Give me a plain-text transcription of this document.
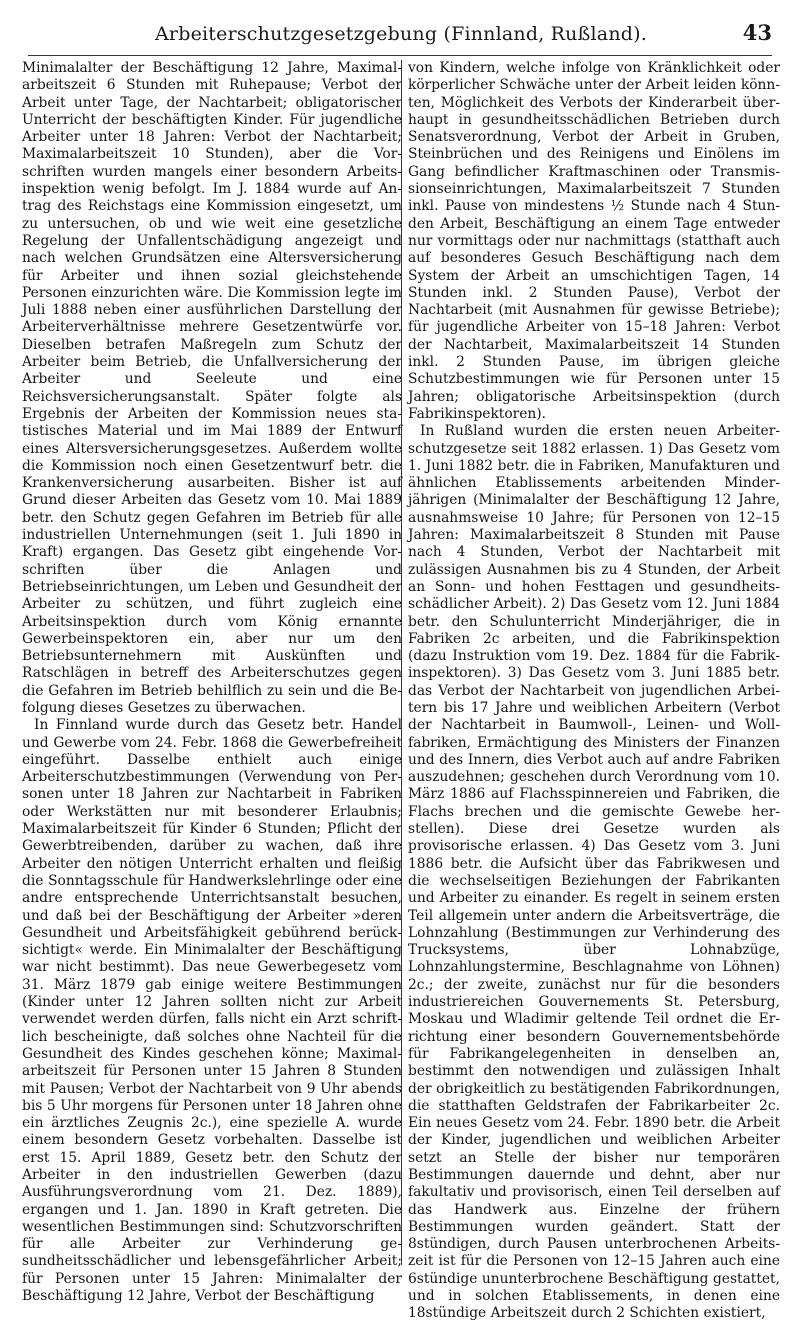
Arbeiterschutzgesetzgebung (Finnland, Rußland).	43

Minimalalter der Beschäftigung 12 Jahre, Maximalarbeitszeit 6 Stunden mit Ruhepause; Verbot der Arbeit unter Tage, der Nachtarbeit; obligatorischer Unterricht der beschäftigten Kinder. Für jugendliche Arbeiter unter 18 Jahren: Verbot der Nachtarbeit; Maximalarbeitszeit 10 Stunden), aber die Vorschriften wurden mangels einer besondern Arbeitsinspektion wenig befolgt. Im J. 1884 wurde auf Antrag des Reichstags eine Kommission eingesetzt, um zu untersuchen, ob und wie weit eine gesetzliche Regelung der Unfallentschädigung angezeigt und nach welchen Grundsätzen eine Altersversicherung für Arbeiter und ihnen sozial gleichstehende Personen einzurichten wäre. Die Kommission legte im Juli 1888 neben einer ausführlichen Darstellung der Arbeiterverhältnisse mehrere Gesetzentwürfe vor. Dieselben betrafen Maßregeln zum Schutz der Arbeiter beim Betrieb, die Unfallversicherung der Arbeiter und Seeleute und eine Reichsversicherungsanstalt. Später folgte als Ergebnis der Arbeiten der Kommission neues statistisches Material und im Mai 1889 der Entwurf eines Altersversicherungsgesetzes. Außerdem wollte die Kommission noch einen Gesetzentwurf betr. die Krankenversicherung ausarbeiten. Bisher ist auf Grund dieser Arbeiten das Gesetz vom 10. Mai 1889 betr. den Schutz gegen Gefahren im Betrieb für alle industriellen Unternehmungen (seit 1. Juli 1890 in Kraft) ergangen. Das Gesetz gibt eingehende Vorschriften über die Anlagen und Betriebseinrichtungen, um Leben und Gesundheit der Arbeiter zu schützen, und führt zugleich eine Arbeitsinspektion durch vom König ernannte Gewerbeinspektoren ein, aber nur um den Betriebsunternehmern mit Auskünften und Ratschlägen in betreff des Arbeiterschutzes gegen die Gefahren im Betrieb behilflich zu sein und die Befolgung dieses Gesetzes zu überwachen.

In Finnland wurde durch das Gesetz betr. Handel und Gewerbe vom 24. Febr. 1868 die Gewerbefreiheit eingeführt. Dasselbe enthielt auch einige Arbeiterschutzbestimmungen (Verwendung von Personen unter 18 Jahren zur Nachtarbeit in Fabriken oder Werkstätten nur mit besonderer Erlaubnis; Maximalarbeitszeit für Kinder 6 Stunden; Pflicht der Gewerbtreibenden, darüber zu wachen, daß ihre Arbeiter den nötigen Unterricht erhalten und fleißig die Sonntagsschule für Handwerkslehrlinge oder eine andre entsprechende Unterrichtsanstalt besuchen, und daß bei der Beschäftigung der Arbeiter »deren Gesundheit und Arbeitsfähigkeit gebührend berücksichtigt« werde. Ein Minimalalter der Beschäftigung war nicht bestimmt). Das neue Gewerbegesetz vom 31. März 1879 gab einige weitere Bestimmungen (Kinder unter 12 Jahren sollten nicht zur Arbeit verwendet werden dürfen, falls nicht ein Arzt schriftlich bescheinigte, daß solches ohne Nachteil für die Gesundheit des Kindes geschehen könne; Maximalarbeitszeit für Personen unter 15 Jahren 8 Stunden mit Pausen; Verbot der Nachtarbeit von 9 Uhr abends bis 5 Uhr morgens für Personen unter 18 Jahren ohne ein ärztliches Zeugnis 2c.), eine spezielle A. wurde einem besondern Gesetz vorbehalten. Dasselbe ist erst 15. April 1889, Gesetz betr. den Schutz der Arbeiter in den industriellen Gewerben (dazu Ausführungsverordnung vom 21. Dez. 1889), ergangen und 1. Jan. 1890 in Kraft getreten. Die wesentlichen Bestimmungen sind: Schutzvorschriften für alle Arbeiter zur Verhinderung gesundheitsschädlicher und lebensgefährlicher Arbeit; für Personen unter 15 Jahren: Minimalalter der Beschäftigung 12 Jahre, Verbot der Beschäftigung

von Kindern, welche infolge von Kränklichkeit oder körperlicher Schwäche unter der Arbeit leiden könnten, Möglichkeit des Verbots der Kinderarbeit überhaupt in gesundheitsschädlichen Betrieben durch Senatsverordnung, Verbot der Arbeit in Gruben, Steinbrüchen und des Reinigens und Einölens im Gang befindlicher Kraftmaschinen oder Transmissionseinrichtungen, Maximalarbeitszeit 7 Stunden inkl. Pause von mindestens ½ Stunde nach 4 Stunden Arbeit, Beschäftigung an einem Tage entweder nur vormittags oder nur nachmittags (statthaft auch auf besonderes Gesuch Beschäftigung nach dem System der Arbeit an umschichtigen Tagen, 14 Stunden inkl. 2 Stunden Pause), Verbot der Nachtarbeit (mit Ausnahmen für gewisse Betriebe); für jugendliche Arbeiter von 15–18 Jahren: Verbot der Nachtarbeit, Maximalarbeitszeit 14 Stunden inkl. 2 Stunden Pause, im übrigen gleiche Schutzbestimmungen wie für Personen unter 15 Jahren; obligatorische Arbeitsinspektion (durch Fabrikinspektoren).

In Rußland wurden die ersten neuen Arbeiterschutzgesetze seit 1882 erlassen. 1) Das Gesetz vom 1. Juni 1882 betr. die in Fabriken, Manufakturen und ähnlichen Etablissements arbeitenden Minderjährigen (Minimalalter der Beschäftigung 12 Jahre, ausnahmsweise 10 Jahre; für Personen von 12–15 Jahren: Maximalarbeitszeit 8 Stunden mit Pause nach 4 Stunden, Verbot der Nachtarbeit mit zulässigen Ausnahmen bis zu 4 Stunden, der Arbeit an Sonn- und hohen Festtagen und gesundheitsschädlicher Arbeit). 2) Das Gesetz vom 12. Juni 1884 betr. den Schulunterricht Minderjähriger, die in Fabriken 2c arbeiten, und die Fabrikinspektion (dazu Instruktion vom 19. Dez. 1884 für die Fabrikinspektoren). 3) Das Gesetz vom 3. Juni 1885 betr. das Verbot der Nachtarbeit von jugendlichen Arbeitern bis 17 Jahre und weiblichen Arbeitern (Verbot der Nachtarbeit in Baumwoll-, Leinen- und Wollfabriken, Ermächtigung des Ministers der Finanzen und des Innern, dies Verbot auch auf andre Fabriken auszudehnen; geschehen durch Verordnung vom 10. März 1886 auf Flachsspinnereien und Fabriken, die Flachs brechen und die gemischte Gewebe herstellen). Diese drei Gesetze wurden als provisorische erlassen. 4) Das Gesetz vom 3. Juni 1886 betr. die Aufsicht über das Fabrikwesen und die wechselseitigen Beziehungen der Fabrikanten und Arbeiter zu einander. Es regelt in seinem ersten Teil allgemein unter andern die Arbeitsverträge, die Lohnzahlung (Bestimmungen zur Verhinderung des Trucksystems, über Lohnabzüge, Lohnzahlungstermine, Beschlagnahme von Löhnen) 2c.; der zweite, zunächst nur für die besonders industriereichen Gouvernements St. Petersburg, Moskau und Wladimir geltende Teil ordnet die Errichtung einer besondern Gouvernementsbehörde für Fabrikangelegenheiten in denselben an, bestimmt den notwendigen und zulässigen Inhalt der obrigkeitlich zu bestätigenden Fabrikordnungen, die statthaften Geldstrafen der Fabrikarbeiter 2c. Ein neues Gesetz vom 24. Febr. 1890 betr. die Arbeit der Kinder, jugendlichen und weiblichen Arbeiter setzt an Stelle der bisher nur temporären Bestimmungen dauernde und dehnt, aber nur fakultativ und provisorisch, einen Teil derselben auf das Handwerk aus. Einzelne der frühern Bestimmungen wurden geändert. Statt der 8stündigen, durch Pausen unterbrochenen Arbeitszeit ist für die Personen von 12–15 Jahren auch eine 6stündige ununterbrochene Beschäftigung gestattet, und in solchen Etablissements, in denen eine 18stündige Arbeitszeit durch 2 Schichten existiert,
